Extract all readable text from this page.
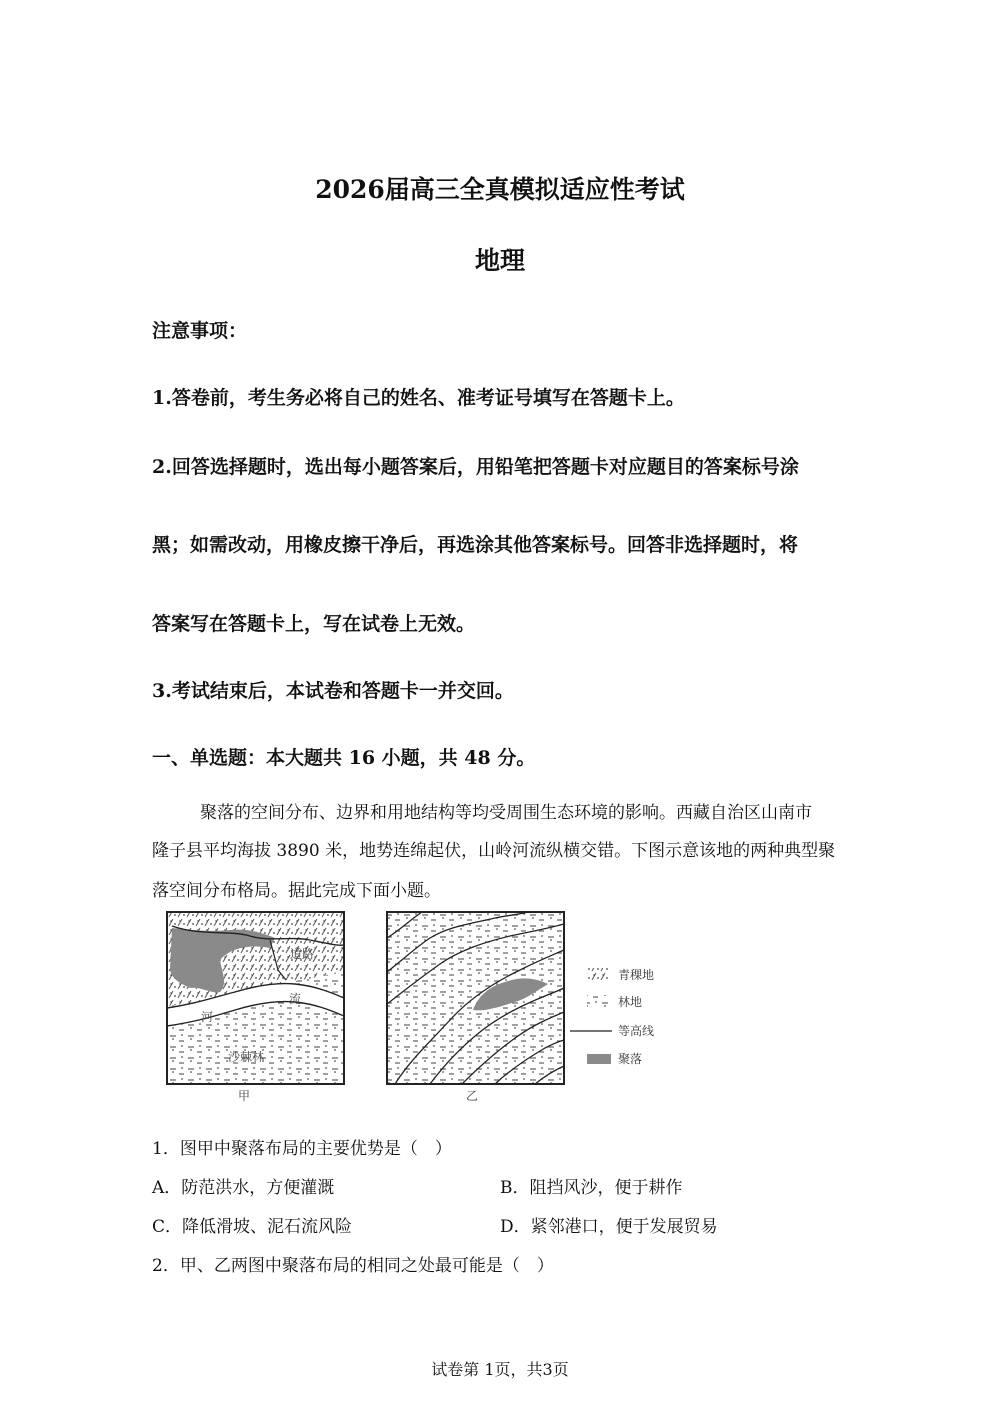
2026届高三全真模拟适应性考试
地理
注意事项：
1.答卷前，考生务必将自己的姓名、准考证号填写在答题卡上。
2.回答选择题时，选出每小题答案后，用铅笔把答题卡对应题目的答案标号涂
黑；如需改动，用橡皮擦干净后，再选涂其他答案标号。回答非选择题时，将
答案写在答题卡上，写在试卷上无效。
3.考试结束后，本试卷和答题卡一并交回。
一、单选题：本大题共 16 小题，共 48 分。
聚落的空间分布、边界和用地结构等均受周围生态环境的影响。西藏自治区山南市
隆子县平均海拔 3890 米，地势连绵起伏，山岭河流纵横交错。下图示意该地的两种典型聚
落空间分布格局。据此完成下面小题。
道路
河
流
沙棘林
甲	乙
青稞地
林地
等高线
聚落
1．图甲中聚落布局的主要优势是（　）
A．防范洪水，方便灌溉	B．阻挡风沙，便于耕作
C．降低滑坡、泥石流风险	D．紧邻港口，便于发展贸易
2．甲、乙两图中聚落布局的相同之处最可能是（　）
试卷第 1页，共3页
